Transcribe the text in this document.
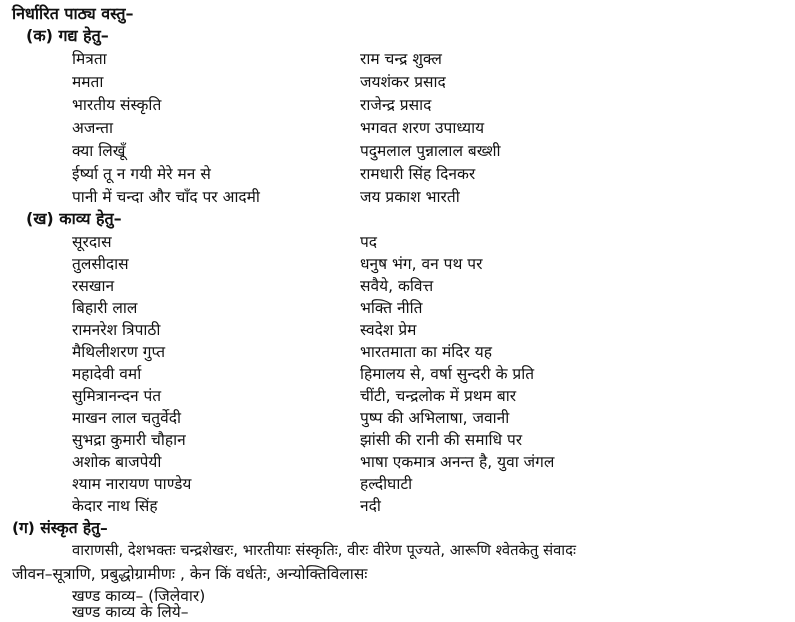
निर्धारित पाठ्य वस्तु–
(क) गद्य हेतु–
मित्रता	राम चन्द्र शुक्ल
ममता	जयशंकर प्रसाद
भारतीय संस्कृति	राजेन्द्र प्रसाद
अजन्ता	भगवत शरण उपाध्याय
क्या लिखूँ	पदुमलाल पुन्नालाल बख्शी
ईर्ष्या तू न गयी मेरे मन से	रामधारी सिंह दिनकर
पानी में चन्दा और चाँद पर आदमी	जय प्रकाश भारती
(ख) काव्य हेतु–
सूरदास	पद
तुलसीदास	धनुष भंग, वन पथ पर
रसखान	सवैये, कवित्त
बिहारी लाल	भक्ति नीति
रामनरेश त्रिपाठी	स्वदेश प्रेम
मैथिलीशरण गुप्त	भारतमाता का मंदिर यह
महादेवी वर्मा	हिमालय से, वर्षा सुन्दरी के प्रति
सुमित्रानन्दन पंत	चींटी, चन्द्रलोक में प्रथम बार
माखन लाल चतुर्वेदी	पुष्प की अभिलाषा, जवानी
सुभद्रा कुमारी चौहान	झांसी की रानी की समाधि पर
अशोक बाजपेयी	भाषा एकमात्र अनन्त है, युवा जंगल
श्याम नारायण पाण्डेय	हल्दीघाटी
केदार नाथ सिंह	नदी
(ग) संस्कृत हेतु–
वाराणसी, देशभक्तः चन्द्रशेखरः, भारतीयाः संस्कृतिः, वीरः वीरेण पूज्यते, आरूणि श्वेतकेतु संवादः
जीवन–सूत्राणि, प्रबुद्धोग्रामीणः , केन किं वर्धतेः, अन्योक्तिविलासः
खण्ड काव्य– (जिलेवार)
खण्ड काव्य के लिये–
